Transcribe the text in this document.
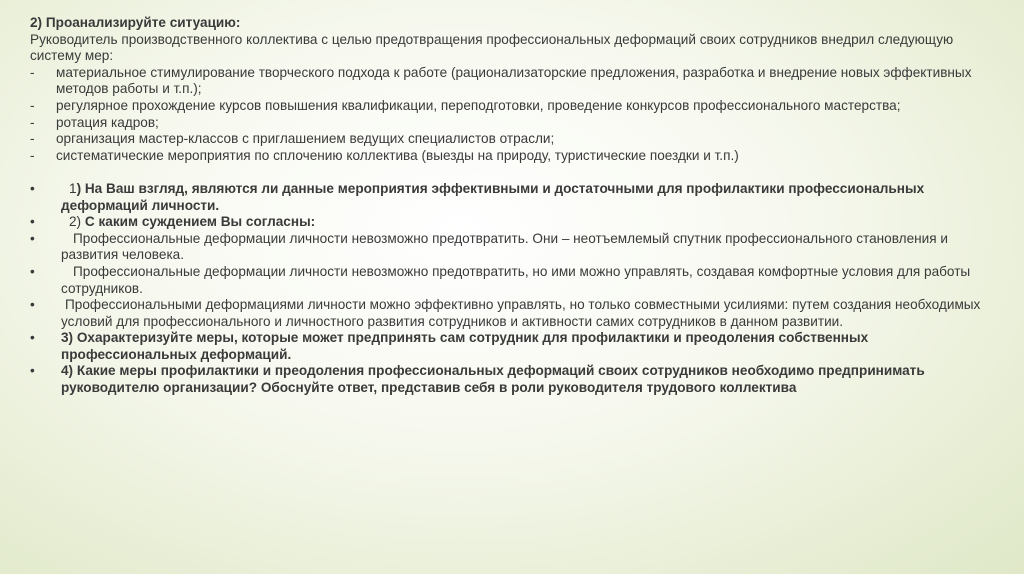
2) Проанализируйте ситуацию:

Руководитель производственного коллектива с целью предотвращения профессиональных деформаций своих сотрудников внедрил следующую систему мер:

-	материальное стимулирование творческого подхода к работе (рационализаторские предложения, разработка и внедрение новых эффективных методов работы и т.п.);
-	регулярное прохождение курсов повышения квалификации, переподготовки, проведение конкурсов профессионального мастерства;
-	ротация кадров;
-	организация мастер-классов с приглашением ведущих специалистов отрасли;
-	систематические мероприятия по сплочению коллектива (выезды на природу, туристические поездки и т.п.)
•	1) На Ваш взгляд, являются ли данные мероприятия эффективными и достаточными для профилактики профессиональных деформаций личности.
•	2) С каким суждением Вы согласны:
•	Профессиональные деформации личности невозможно предотвратить. Они – неотъемлемый спутник профессионального становления и развития человека.
•	Профессиональные деформации личности невозможно предотвратить, но ими можно управлять, создавая комфортные условия для работы сотрудников.
•	Профессиональными деформациями личности можно эффективно управлять, но только совместными усилиями: путем создания необходимых условий для профессионального и личностного развития сотрудников и активности самих сотрудников в данном развитии.
•	3) Охарактеризуйте меры, которые может предпринять сам сотрудник для профилактики и преодоления собственных профессиональных деформаций.
•	4) Какие меры профилактики и преодоления профессиональных деформаций своих сотрудников необходимо предпринимать руководителю организации? Обоснуйте ответ, представив себя в роли руководителя трудового коллектива
